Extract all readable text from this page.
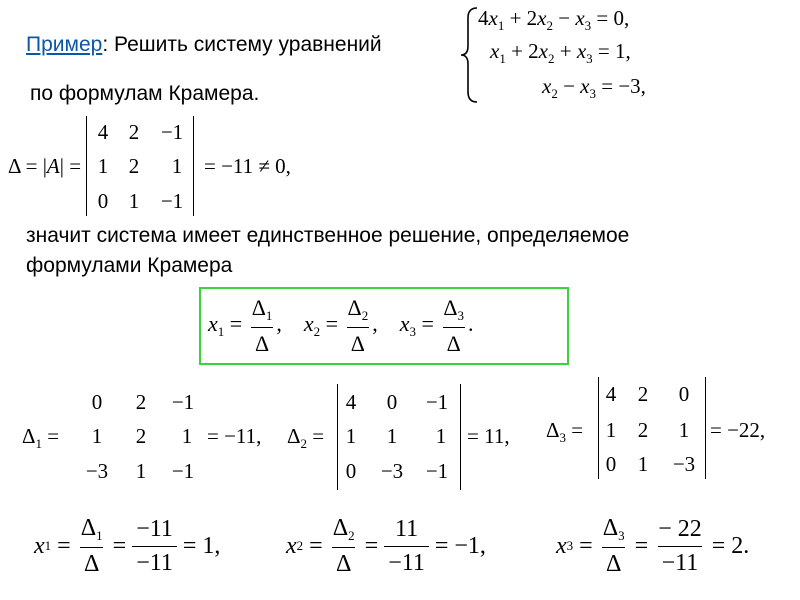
Пример: Решить систему уравнений
по формулам Крамера.
$4x_1 + 2x_2 - x_3 = 0$,
$x_1 + 2x_2 + x_3 = 1$,
$x_2 - x_3 = -3$,
Δ = |A| =
4 2	−1
1 2	1
0 1	−1
= −11 ≠ 0,
значит система имеет единственное решение, определяемое
формулами Крамера
$x_1 = \frac{\Delta_1}{\Delta}$ , $x_2 = \frac{\Delta_2}{\Delta}$ , $x_3 = \frac{\Delta_3}{\Delta}$ .
$\Delta_1$ =
0	2	−1
1	2	1
−3	1	−1
= −11, $\Delta_2$ =
4	0	−1
1	1	1
0	−3 −1
= 11, $\Delta_3$ =
4	2	0
1	2	1
0	1	−3
= −22,
x 1
=
$\frac{\Delta_1}{\Delta}$
=
$\frac{-11}{-11}$
= 1,	x 2
=
$\frac{\Delta_2}{\Delta}$
=
$\frac{11}{-11}$
= −1,	x 3
=
$\frac{\Delta_3}{\Delta}$
=
$\frac{- 22}{-11}$
= 2.
